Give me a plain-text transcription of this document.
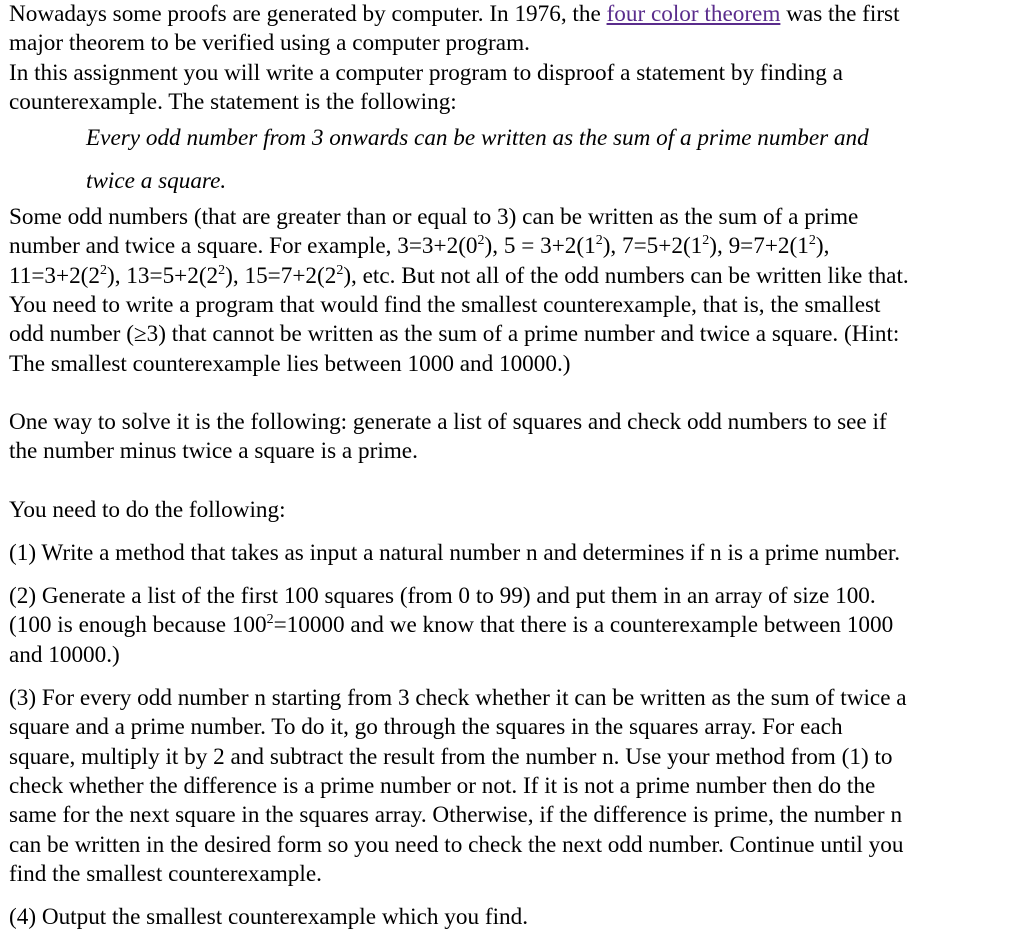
Nowadays some proofs are generated by computer. In 1976, the four color theorem was the first
major theorem to be verified using a computer program.
In this assignment you will write a computer program to disproof a statement by finding a
counterexample. The statement is the following:

Every odd number from 3 onwards can be written as the sum of a prime number and
twice a square.

Some odd numbers (that are greater than or equal to 3) can be written as the sum of a prime
number and twice a square. For example, $3=3+2(0^2)$, $5 = 3+2(1^2)$, $7=5+2(1^2)$, $9=7+2(1^2)$,
$11=3+2(2^2)$, $13=5+2(2^2)$, $15=7+2(2^2)$, etc. But not all of the odd numbers can be written like that.
You need to write a program that would find the smallest counterexample, that is, the smallest
odd number (≥3) that cannot be written as the sum of a prime number and twice a square. (Hint:
The smallest counterexample lies between 1000 and 10000.)

One way to solve it is the following: generate a list of squares and check odd numbers to see if
the number minus twice a square is a prime.

You need to do the following:

(1) Write a method that takes as input a natural number n and determines if n is a prime number.

(2) Generate a list of the first 100 squares (from 0 to 99) and put them in an array of size 100.
(100 is enough because $100^2=10000$ and we know that there is a counterexample between 1000
and 10000.)

(3) For every odd number n starting from 3 check whether it can be written as the sum of twice a
square and a prime number. To do it, go through the squares in the squares array. For each
square, multiply it by 2 and subtract the result from the number n. Use your method from (1) to
check whether the difference is a prime number or not. If it is not a prime number then do the
same for the next square in the squares array. Otherwise, if the difference is prime, the number n
can be written in the desired form so you need to check the next odd number. Continue until you
find the smallest counterexample.

(4) Output the smallest counterexample which you find.
